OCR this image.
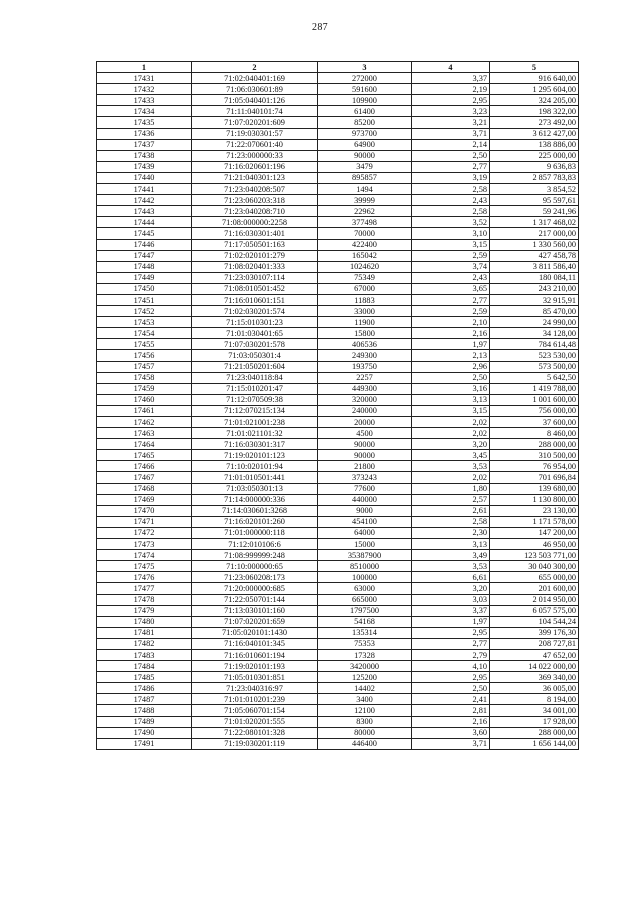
287
1	2	3	4	5
17431	71:02:040401:169	272000	3,37	916 640,00
17432	71:06:030601:89	591600	2,19	1 295 604,00
17433	71:05:040401:126	109900	2,95	324 205,00
17434	71:11:040101:74	61400	3,23	198 322,00
17435	71:07:020201:609	85200	3,21	273 492,00
17436	71:19:030301:57	973700	3,71	3 612 427,00
17437	71:22:070601:40	64900	2,14	138 886,00
17438	71:23:000000:33	90000	2,50	225 000,00
17439	71:16:020601:196	3479	2,77	9 636,83
17440	71:21:040301:123	895857	3,19	2 857 783,83
17441	71:23:040208:507	1494	2,58	3 854,52
17442	71:23:060203:318	39999	2,43	95 597,61
17443	71:23:040208:710	22962	2,58	59 241,96
17444	71:08:000000:2258	377498	3,52	1 317 468,02
17445	71:16:030301:401	70000	3,10	217 000,00
17446	71:17:050501:163	422400	3,15	1 330 560,00
17447	71:02:020101:279	165042	2,59	427 458,78
17448	71:08:020401:333	1024620	3,74	3 811 586,40
17449	71:23:030107:114	75349	2,43	180 084,11
17450	71:08:010501:452	67000	3,65	243 210,00
17451	71:16:010601:151	11883	2,77	32 915,91
17452	71:02:030201:574	33000	2,59	85 470,00
17453	71:15:010301:23	11900	2,10	24 990,00
17454	71:01:030401:65	15800	2,16	34 128,00
17455	71:07:030201:578	406536	1,97	784 614,48
17456	71:03:050301:4	249300	2,13	523 530,00
17457	71:21:050201:604	193750	2,96	573 500,00
17458	71:23:040118:84	2257	2,50	5 642,50
17459	71:15:010201:47	449300	3,16	1 419 788,00
17460	71:12:070509:38	320000	3,13	1 001 600,00
17461	71:12:070215:134	240000	3,15	756 000,00
17462	71:01:021001:238	20000	2,02	37 600,00
17463	71:01:021101:32	4500	2,02	8 460,00
17464	71:16:030301:317	90000	3,20	288 000,00
17465	71:19:020101:123	90000	3,45	310 500,00
17466	71:10:020101:94	21800	3,53	76 954,00
17467	71:01:010501:441	373243	2,02	701 696,84
17468	71:03:050301:13	77600	1,80	139 680,00
17469	71:14:000000:336	440000	2,57	1 130 800,00
17470	71:14:030601:3268	9000	2,61	23 130,00
17471	71:16:020101:260	454100	2,58	1 171 578,00
17472	71:01:000000:118	64000	2,30	147 200,00
17473	71:12:010106:6	15000	3,13	46 950,00
17474	71:08:999999:248	35387900	3,49	123 503 771,00
17475	71:10:000000:65	8510000	3,53	30 040 300,00
17476	71:23:060208:173	100000	6,61	655 000,00
17477	71:20:000000:685	63000	3,20	201 600,00
17478	71:22:050701:144	665000	3,03	2 014 950,00
17479	71:13:030101:160	1797500	3,37	6 057 575,00
17480	71:07:020201:659	54168	1,97	104 544,24
17481	71:05:020101:1430	135314	2,95	399 176,30
17482	71:16:040101:345	75353	2,77	208 727,81
17483	71:16:010601:194	17328	2,79	47 652,00
17484	71:19:020101:193	3420000	4,10	14 022 000,00
17485	71:05:010301:851	125200	2,95	369 340,00
17486	71:23:040316:97	14402	2,50	36 005,00
17487	71:01:010201:239	3400	2,41	8 194,00
17488	71:05:060701:154	12100	2,81	34 001,00
17489	71:01:020201:555	8300	2,16	17 928,00
17490	71:22:080101:328	80000	3,60	288 000,00
17491	71:19:030201:119	446400	3,71	1 656 144,00
